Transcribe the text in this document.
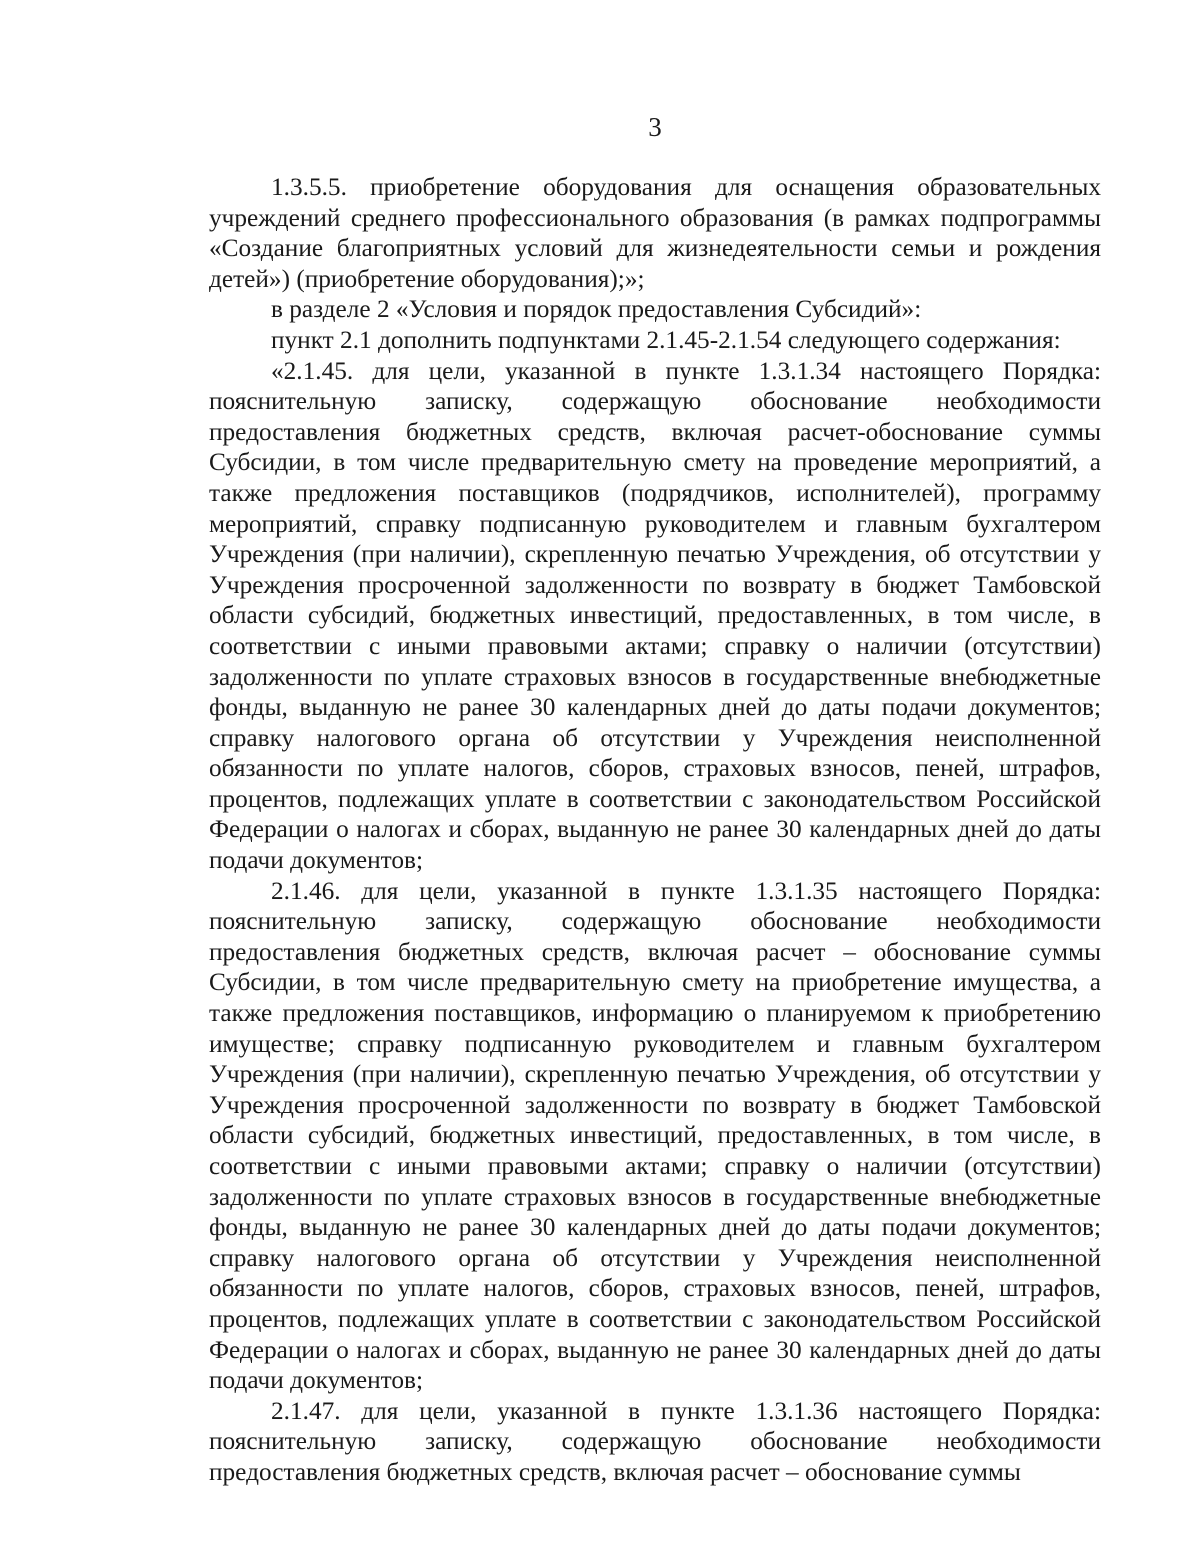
3

1.3.5.5. приобретение оборудования для оснащения образовательных учреждений среднего профессионального образования (в рамках подпрограммы «Создание благоприятных условий для жизнедеятельности семьи и рождения детей») (приобретение оборудования);»;

в разделе 2 «Условия и порядок предоставления Субсидий»:

пункт 2.1 дополнить подпунктами 2.1.45-2.1.54 следующего содержания:

«2.1.45. для цели, указанной в пункте 1.3.1.34 настоящего Порядка: пояснительную записку, содержащую обоснование необходимости предоставления бюджетных средств, включая расчет-обоснование суммы Субсидии, в том числе предварительную смету на проведение мероприятий, а также предложения поставщиков (подрядчиков, исполнителей), программу мероприятий, справку подписанную руководителем и главным бухгалтером Учреждения (при наличии), скрепленную печатью Учреждения, об отсутствии у Учреждения просроченной задолженности по возврату в бюджет Тамбовской области субсидий, бюджетных инвестиций, предоставленных, в том числе, в соответствии с иными правовыми актами; справку о наличии (отсутствии) задолженности по уплате страховых взносов в государственные внебюджетные фонды, выданную не ранее 30 календарных дней до даты подачи документов; справку налогового органа об отсутствии у Учреждения неисполненной обязанности по уплате налогов, сборов, страховых взносов, пеней, штрафов, процентов, подлежащих уплате в соответствии с законодательством Российской Федерации о налогах и сборах, выданную не ранее 30 календарных дней до даты подачи документов;

2.1.46. для цели, указанной в пункте 1.3.1.35 настоящего Порядка: пояснительную записку, содержащую обоснование необходимости предоставления бюджетных средств, включая расчет – обоснование суммы Субсидии, в том числе предварительную смету на приобретение имущества, а также предложения поставщиков, информацию о планируемом к приобретению имуществе; справку подписанную руководителем и главным бухгалтером Учреждения (при наличии), скрепленную печатью Учреждения, об отсутствии у Учреждения просроченной задолженности по возврату в бюджет Тамбовской области субсидий, бюджетных инвестиций, предоставленных, в том числе, в соответствии с иными правовыми актами; справку о наличии (отсутствии) задолженности по уплате страховых взносов в государственные внебюджетные фонды, выданную не ранее 30 календарных дней до даты подачи документов; справку налогового органа об отсутствии у Учреждения неисполненной обязанности по уплате налогов, сборов, страховых взносов, пеней, штрафов, процентов, подлежащих уплате в соответствии с законодательством Российской Федерации о налогах и сборах, выданную не ранее 30 календарных дней до даты подачи документов;

2.1.47. для цели, указанной в пункте 1.3.1.36 настоящего Порядка: пояснительную записку, содержащую обоснование необходимости предоставления бюджетных средств, включая расчет – обоснование суммы
